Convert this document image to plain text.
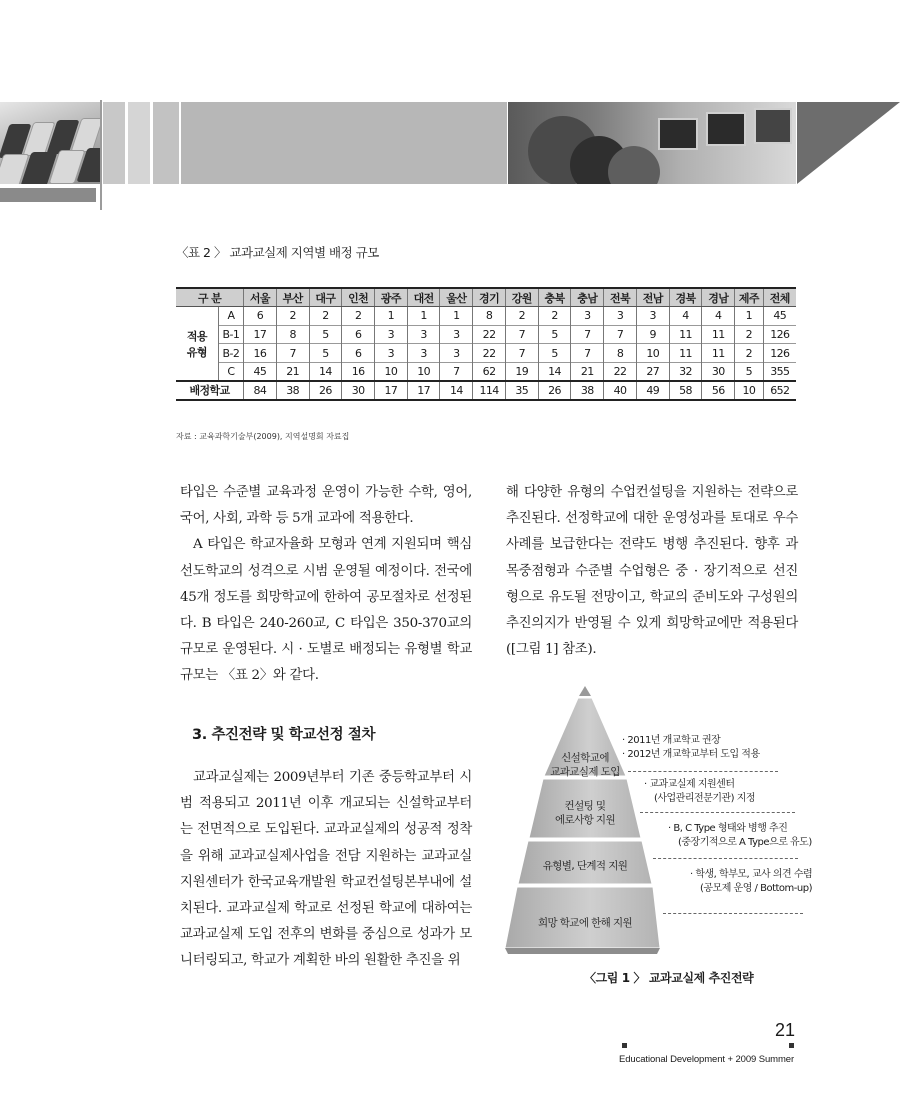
〈표 2 〉 교과교실제 지역별 배정 규모
구 분		서울	부산	대구	인천	광주	대전	울산	경기	강원	충북	충남	전북	전남	경북	경남	제주	전체

적용
유형	A	6	2	2	2	1	1	1	8	2	2	3	3	3	4	4	1	45
	B-1	17	8	5	6	3	3	3	22	7	5	7	7	9	11	11	2	126
	B-2	16	7	5	6	3	3	3	22	7	5	7	8	10	11	11	2	126
	C	45	21	14	16	10	10	7	62	19	14	21	22	27	32	30	5	355
배정학교		84	38	26	30	17	17	14	114	35	26	38	40	49	58	56	10	652
자료 : 교육과학기술부(2009), 지역설명회 자료집

타입은 수준별 교육과정 운영이 가능한 수학, 영어, 국어, 사회, 과학 등 5개 교과에 적용한다.

A 타입은 학교자율화 모형과 연계 지원되며 핵심 선도학교의 성격으로 시범 운영될 예정이다. 전국에 45개 정도를 희망학교에 한하여 공모절차로 선정된다. B 타입은 240-260교, C 타입은 350-370교의 규모로 운영된다. 시 · 도별로 배정되는 유형별 학교 규모는 〈표 2〉와 같다.

해 다양한 유형의 수업컨설팅을 지원하는 전략으로 추진된다. 선정학교에 대한 운영성과를 토대로 우수 사례를 보급한다는 전략도 병행 추진된다. 향후 과목중점형과 수준별 수업형은 중 · 장기적으로 선진형으로 유도될 전망이고, 학교의 준비도와 구성원의 추진의지가 반영될 수 있게 희망학교에만 적용된다 ([그림 1] 참조).

3. 추진전략 및 학교선정 절차

교과교실제는 2009년부터 기존 중등학교부터 시범 적용되고 2011년 이후 개교되는 신설학교부터는 전면적으로 도입된다. 교과교실제의 성공적 정착을 위해 교과교실제사업을 전담 지원하는 교과교실지원센터가 한국교육개발원 학교컨설팅본부내에 설치된다. 교과교실제 학교로 선정된 학교에 대하여는 교과교실제 도입 전후의 변화를 중심으로 성과가 모니터링되고, 학교가 계획한 바의 원활한 추진을 위

신설학교에
교과교실제 도입
컨설팅 및
에로사항 지원
유형별, 단계적 지원
희망 학교에 한해 지원
· 2011년 개교학교 권장
· 2012년 개교학교부터 도입 적용
· 교과교실제 지원센터
(사업관리전문기관) 지정
· B, C Type 형태와 병행 추진
(중장기적으로 A Type으로 유도)
· 학생, 학부모, 교사 의견 수렴
(공모제 운영 / Bottom-up)
〈그림 1 〉 교과교실제 추진전략
21
Educational Development + 2009 Summer
